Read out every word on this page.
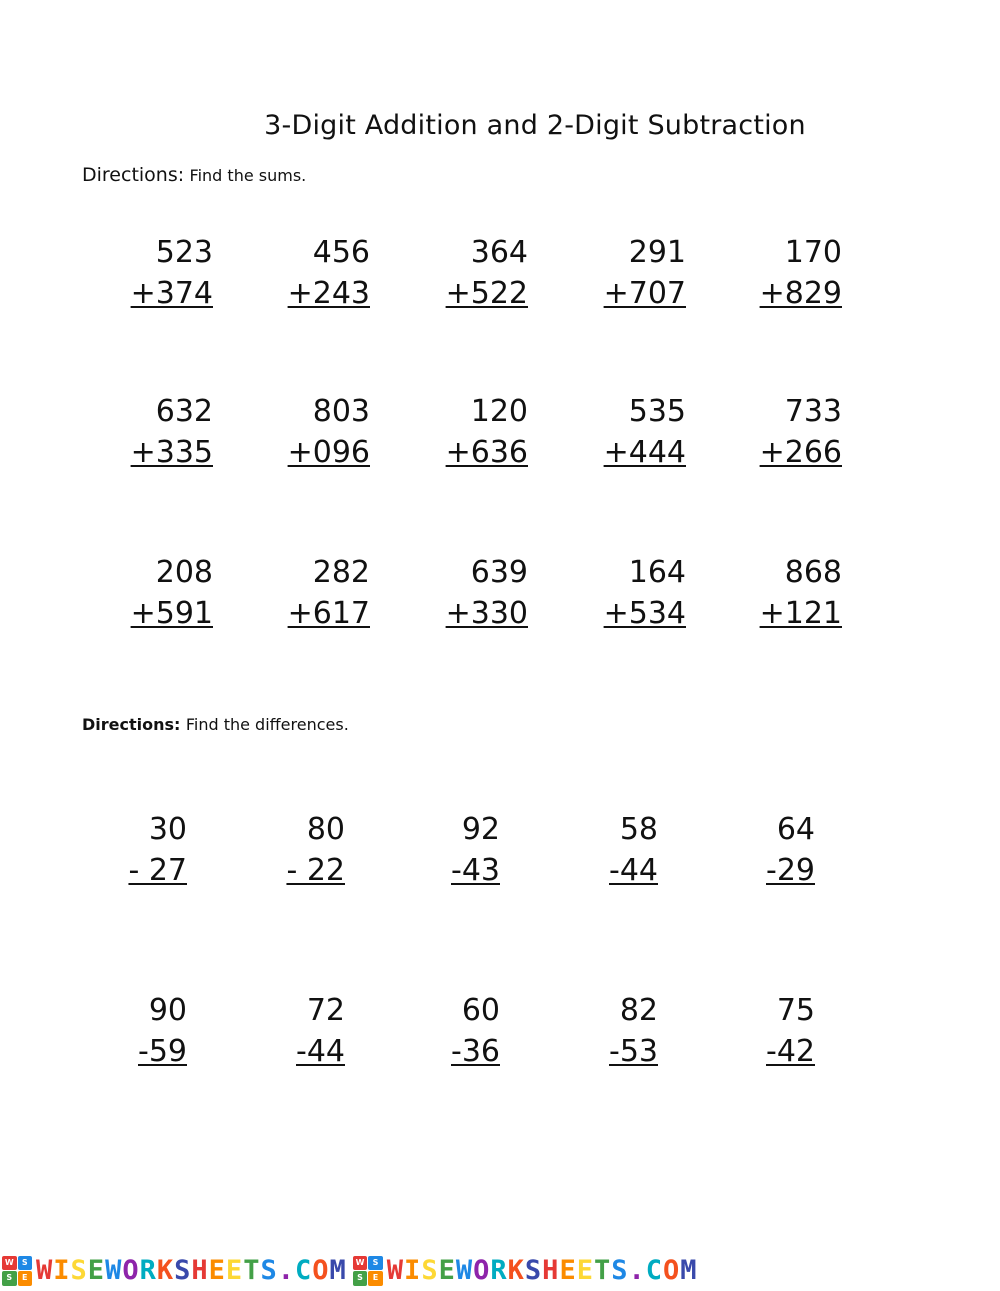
3-Digit Addition and 2-Digit Subtraction
Directions: Find the sums.
Directions: Find the differences.
523
+374
456
+243
364
+522
291
+707
170
+829
632
+335
803
+096
120
+636
535
+444
733
+266
208
+591
282
+617
639
+330
164
+534
868
+121
30
- 27
80
- 22
92
-43
58
-44
64
-29
90
-59
72
-44
60
-36
82
-53
75
-42
W	S
S	E W I S E W O R K S H E E T S . C O M	W	S
S	E W I S E W O R K S H E E T S . C O M
